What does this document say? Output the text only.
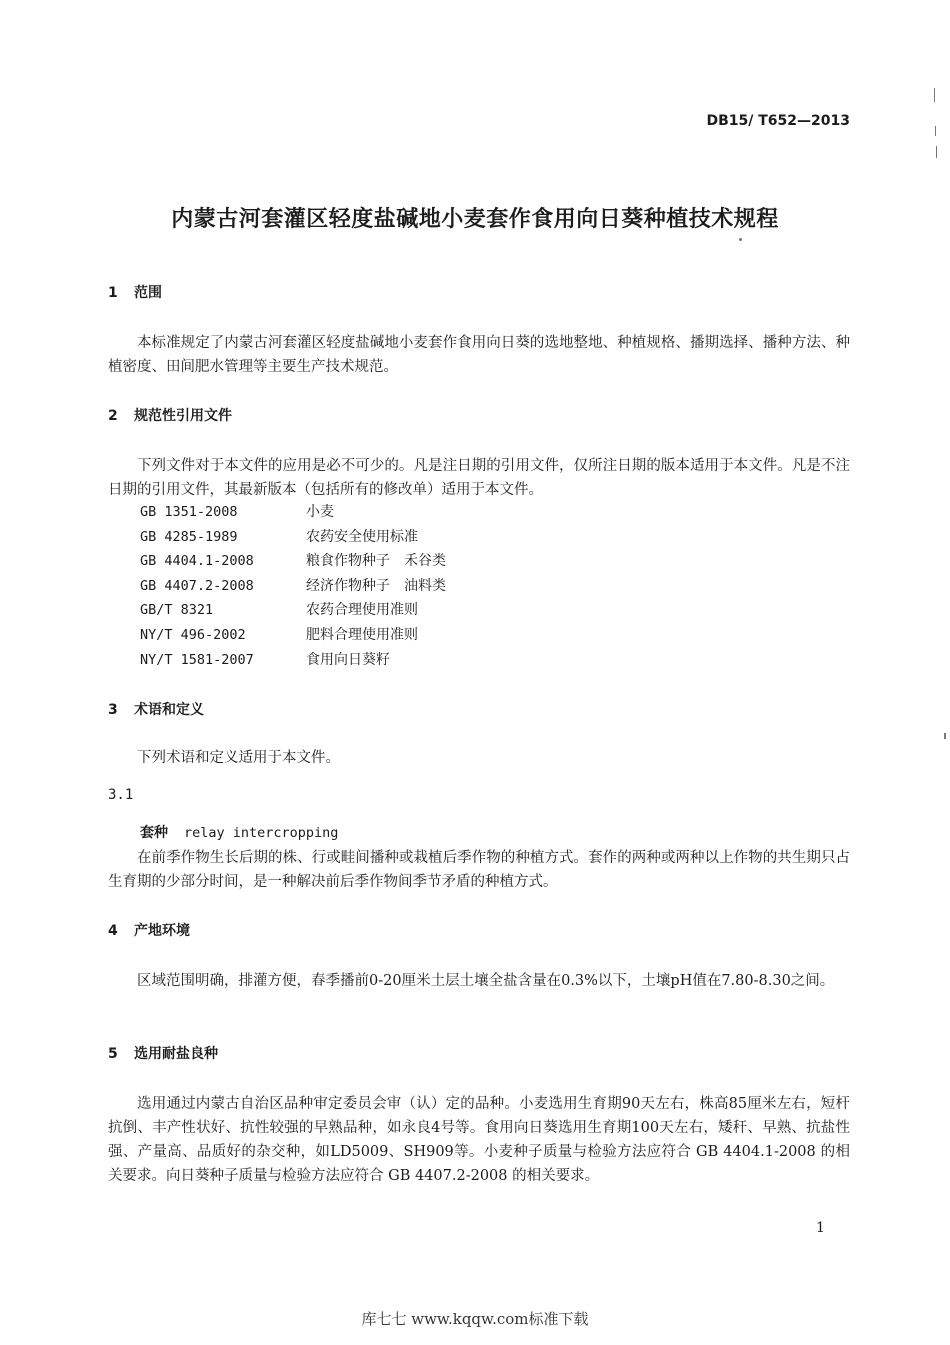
DB15/ T652—2013
内蒙古河套灌区轻度盐碱地小麦套作食用向日葵种植技术规程
1 范围
本标准规定了内蒙古河套灌区轻度盐碱地小麦套作食用向日葵的选地整地、种植规格、播期选择、播种方法、种植密度、田间肥水管理等主要生产技术规范。
2 规范性引用文件
下列文件对于本文件的应用是必不可少的。凡是注日期的引用文件，仅所注日期的版本适用于本文件。凡是不注日期的引用文件，其最新版本（包括所有的修改单）适用于本文件。
GB 1351-2008	小麦
GB 4285-1989	农药安全使用标准
GB 4404.1-2008	粮食作物种子　禾谷类
GB 4407.2-2008	经济作物种子　油料类
GB/T 8321	农药合理使用准则
NY/T 496-2002	肥料合理使用准则
NY/T 1581-2007	食用向日葵籽
3 术语和定义
下列术语和定义适用于本文件。
3.1
套种 relay intercropping
在前季作物生长后期的株、行或畦间播种或栽植后季作物的种植方式。套作的两种或两种以上作物的共生期只占生育期的少部分时间，是一种解决前后季作物间季节矛盾的种植方式。
4 产地环境
区域范围明确，排灌方便，春季播前0-20厘米土层土壤全盐含量在0.3%以下，土壤pH值在7.80-8.30之间。
5 选用耐盐良种
选用通过内蒙古自治区品种审定委员会审（认）定的品种。小麦选用生育期90天左右，株高85厘米左右，短杆抗倒、丰产性状好、抗性较强的早熟品种，如永良4号等。食用向日葵选用生育期100天左右，矮秆、早熟、抗盐性强、产量高、品质好的杂交种，如LD5009、SH909等。小麦种子质量与检验方法应符合 GB 4404.1-2008 的相关要求。向日葵种子质量与检验方法应符合 GB 4407.2-2008 的相关要求。
1
库七七 www.kqqw.com标准下载
